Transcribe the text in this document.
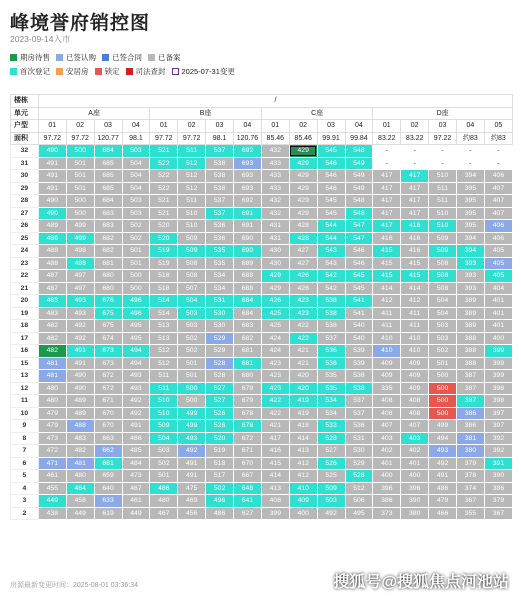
峰境誉府销控图
2023-09-14入市
期房待售 已签认购 已签合同 已备案
首次登记 安居房 锁定 司法查封 2025-07-31变更
楼栋	/																
单元	A座				B座				C座				D座				
户型	01	02	03	04	01	02	03	04	01	02	03	04	01	02	03	04	05
面积	97.72	97.72	120.77	98.1	97.72	97.72	98.1	120.76	85.46	85.46	99.91	99.84	83.22	83.22	97.22	约83	约83
32	490	500	684	503	521	511	537	692	432	429	545	548	-	-	-	-	-
31	491	501	685	504	522	512	538	693	433	429	546	549	-	-	-	-	-
30	491	501	685	504	522	512	538	693	433	429	546	549	417	417	510	394	406
29	491	501	685	504	522	512	538	693	433	429	546	549	417	417	511	395	407
28	490	500	684	503	521	511	537	692	432	429	545	548	417	417	511	395	407
27	490	500	683	503	521	510	537	691	432	429	545	548	417	417	510	395	407
26	489	499	683	502	520	510	536	691	431	428	544	547	417	416	510	395	406
25	489	499	682	502	520	509	536	690	431	428	544	547	416	416	509	394	406
24	488	498	682	501	519	509	535	690	430	427	543	546	415	416	509	394	405
23	488	498	681	501	519	508	535	689	430	427	543	546	415	415	508	393	405
22	487	497	680	500	518	508	534	688	429	426	542	545	415	415	508	393	405
21	487	497	680	500	518	507	534	688	429	426	542	545	414	414	508	393	404
20	483	493	676	496	514	504	531	684	426	423	538	541	412	412	504	389	401
19	483	493	675	496	514	503	530	684	425	423	538	541	411	411	504	389	401
18	482	492	675	495	513	503	530	683	425	422	538	540	411	411	503	389	401
17	482	492	674	495	513	502	529	682	424	422	537	540	410	410	503	388	400
16	482	491	673	494	512	502	529	681	424	421	536	539	410	410	502	388	399
15	481	491	673	494	512	501	528	681	423	421	536	539	409	409	501	388	399
13	481	490	672	493	511	501	528	680	423	420	535	538	409	409	500	387	399
12	480	490	672	493	511	500	527	679	423	420	535	538	335	409	500	387	398
11	480	489	671	492	510	500	527	679	422	419	534	537	408	408	500	387	398
10	479	489	670	492	510	499	526	678	422	419	534	537	408	408	500	386	397
9	479	488	670	491	509	499	526	678	421	418	533	536	407	407	499	386	397
8	473	483	663	486	504	493	520	672	417	414	528	531	403	403	494	381	392
7	472	482	662	485	503	492	519	671	416	413	527	530	402	402	493	380	392
6	471	481	661	484	502	491	518	670	415	412	526	529	401	401	492	379	391
5	461	480	659	473	501	491	517	667	414	412	525	528	400	400	491	378	390
4	455	464	640	467	486	475	502	648	413	410	509	512	396	396	486	374	386
3	449	458	633	461	480	469	496	641	408	409	503	506	386	390	479	367	379
2	438	449	619	449	467	456	486	627	399	400	492	495	373	380	466	355	367
房源最新变更时间：2025-08-01 03:36:34	搜狐号@搜狐焦点河池站
